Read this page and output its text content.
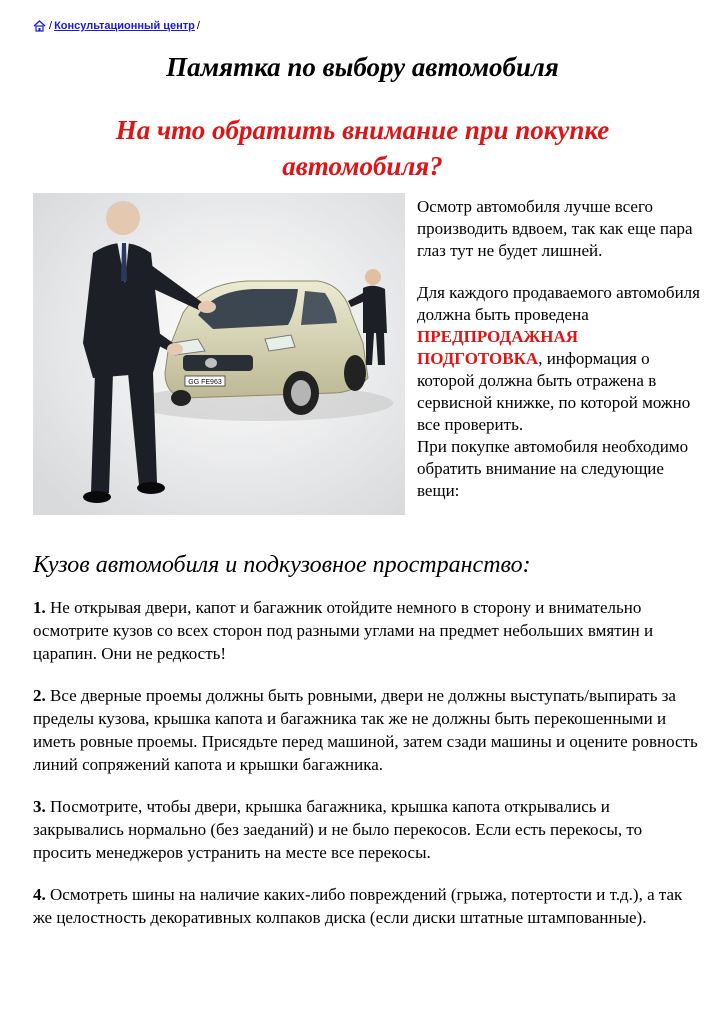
/ Консультационный центр /
Памятка по выбору автомобиля
На что обратить внимание при покупке автомобиля?
GG FE963

Осмотр автомобиля лучше всего производить вдвоем, так как еще пара глаз тут не будет лишней.

Для каждого продаваемого автомобиля должна быть проведена ПРЕДПРОДАЖНАЯ ПОДГОТОВКА, информация о которой должна быть отражена в сервисной книжке, по которой можно все проверить.

При покупке автомобиля необходимо обратить внимание на следующие вещи:

Кузов автомобиля и подкузовное пространство:

1. Не открывая двери, капот и багажник отойдите немного в сторону и внимательно осмотрите кузов со всех сторон под разными углами на предмет небольших вмятин и царапин. Они не редкость!

2. Все дверные проемы должны быть ровными, двери не должны выступать/выпирать за пределы кузова, крышка капота и багажника так же не должны быть перекошенными и иметь ровные проемы. Присядьте перед машиной, затем сзади машины и оцените ровность линий сопряжений капота и крышки багажника.

3. Посмотрите, чтобы двери, крышка багажника, крышка капота открывались и закрывались нормально (без заеданий) и не было перекосов. Если есть перекосы, то просить менеджеров устранить на месте все перекосы.

4. Осмотреть шины на наличие каких-либо повреждений (грыжа, потертости и т.д.), а так же целостность декоративных колпаков диска (если диски штатные штампованные).
